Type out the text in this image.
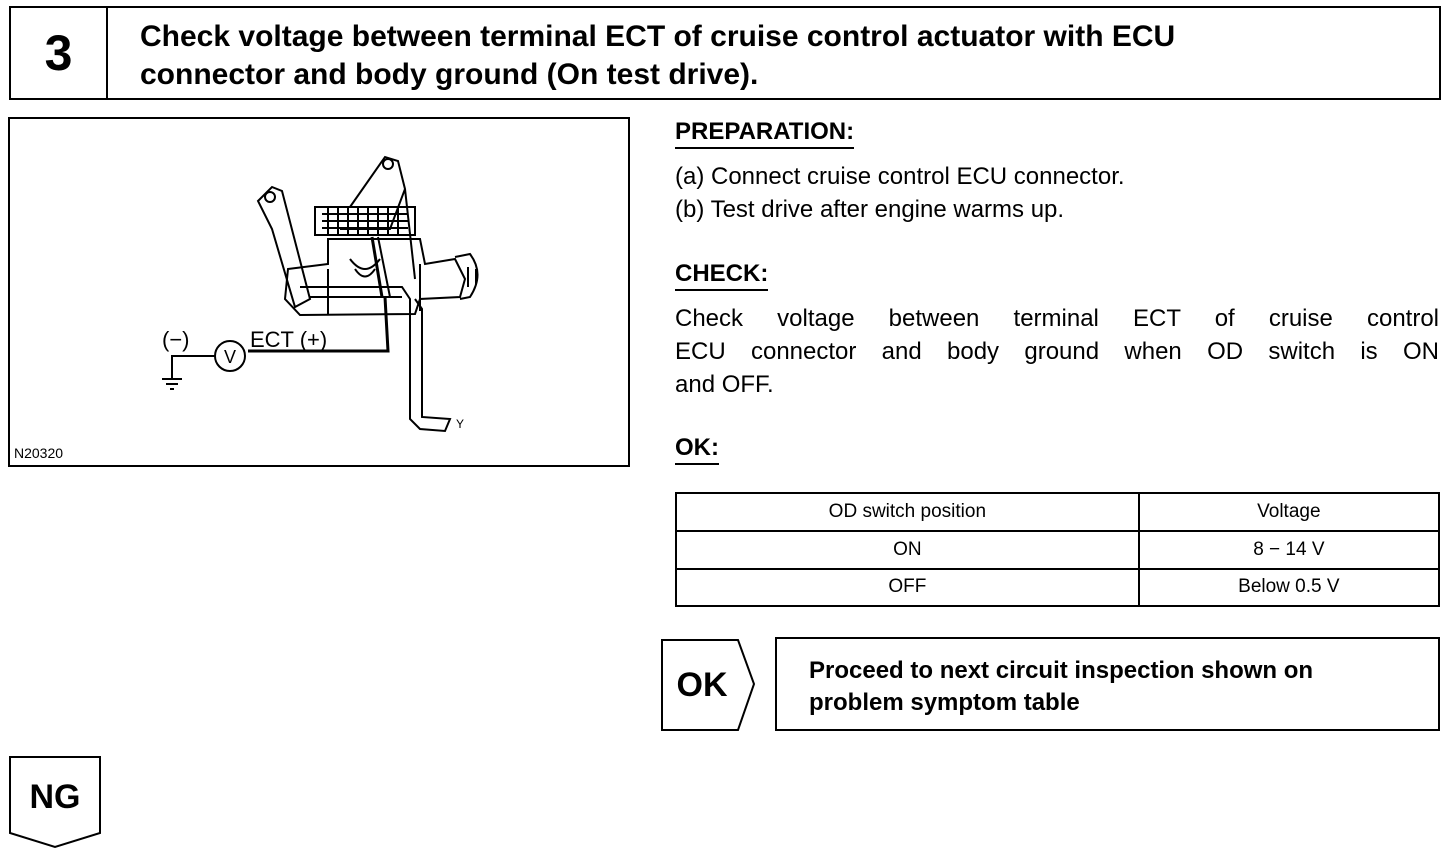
3	Check voltage between terminal ECT of cruise control actuator with ECU
connector and body ground (On test drive).
V
(−)	ECT (+)
Y
N20320
PREPARATION:
(a) Connect cruise control ECU connector.
(b) Test drive after engine warms up.
CHECK:
Check voltage between terminal ECT of cruise control
ECU connector and body ground when OD switch is ON
and OFF.
OK:
OD switch position	Voltage
ON	8 − 14 V
OFF	Below 0.5 V
OK	Proceed to next circuit inspection shown on
problem symptom table
NG
